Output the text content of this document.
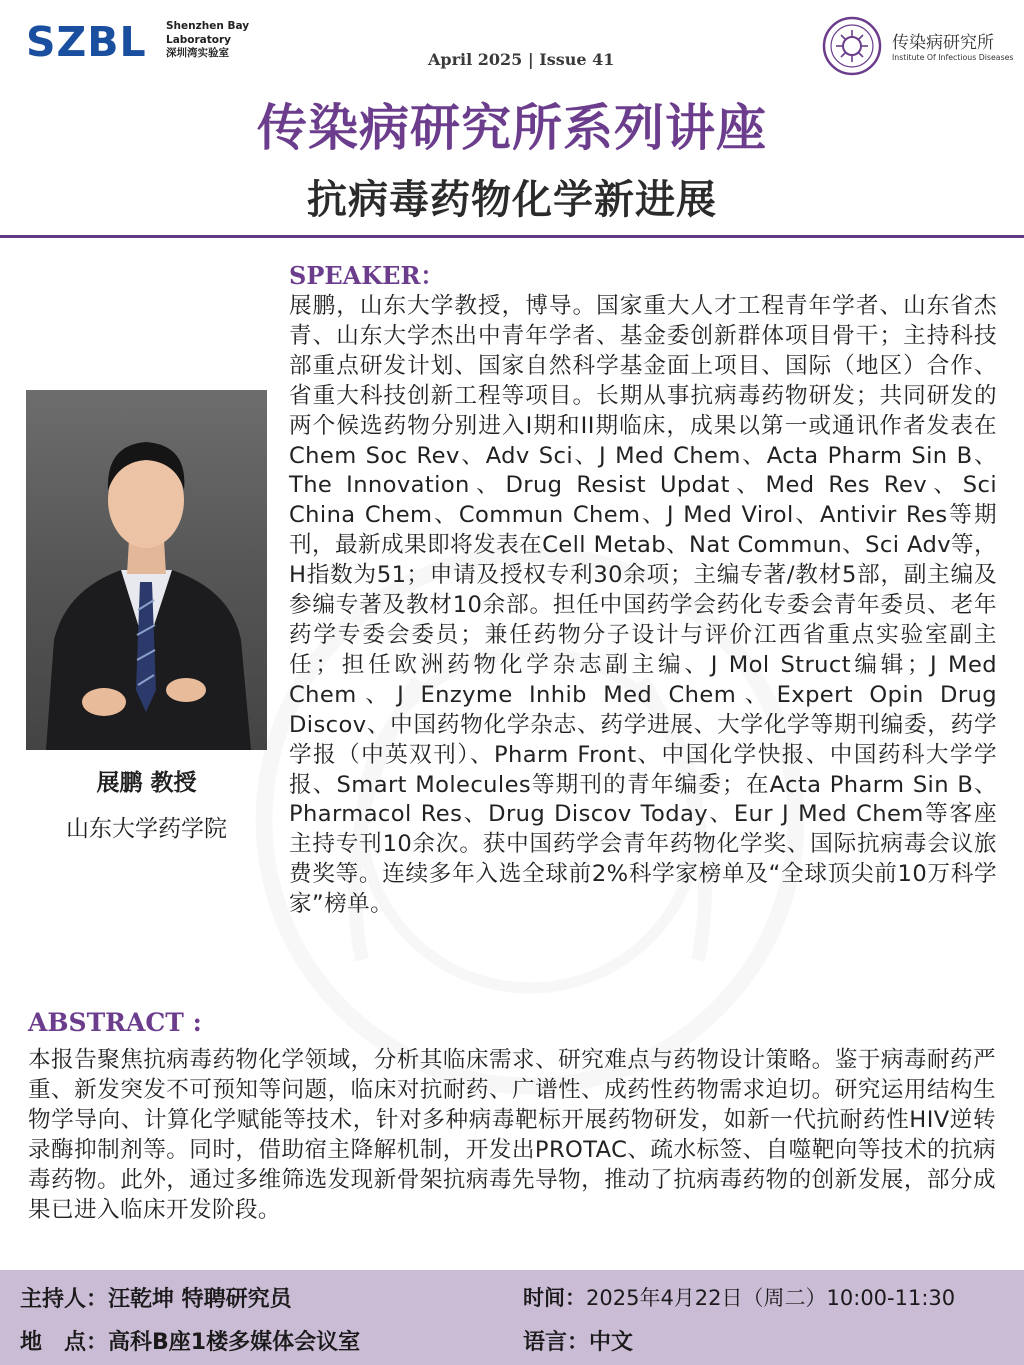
SZBL Shenzhen Bay
Laboratory
深圳湾实验室	April 2025 | Issue 41
传染病研究所
Institute Of Infectious Diseases
传染病研究所系列讲座
抗病毒药物化学新进展
展鹏 教授
山东大学药学院
SPEAKER：
展鹏，山东大学教授，博导。国家重大人才工程青年学者、山东省杰青、山东大学杰出中青年学者、基金委创新群体项目骨干；主持科技部重点研发计划、国家自然科学基金面上项目、国际（地区）合作、省重大科技创新工程等项目。长期从事抗病毒药物研发；共同研发的两个候选药物分别进入I期和II期临床，成果以第一或通讯作者发表在Chem Soc Rev、Adv Sci、J Med Chem、Acta Pharm Sin B、The Innovation、Drug Resist Updat、Med Res Rev、Sci China Chem、Commun Chem、J Med Virol、Antivir Res等期刊，最新成果即将发表在Cell Metab、Nat Commun、Sci Adv等，H指数为51；申请及授权专利30余项；主编专著/教材5部，副主编及参编专著及教材10余部。担任中国药学会药化专委会青年委员、老年药学专委会委员；兼任药物分子设计与评价江西省重点实验室副主任；担任欧洲药物化学杂志副主编、J Mol Struct编辑；J Med Chem、J Enzyme Inhib Med Chem、Expert Opin Drug Discov、中国药物化学杂志、药学进展、大学化学等期刊编委，药学学报（中英双刊）、Pharm Front、中国化学快报、中国药科大学学报、Smart Molecules等期刊的青年编委；在Acta Pharm Sin B、Pharmacol Res、Drug Discov Today、Eur J Med Chem等客座主持专刊10余次。获中国药学会青年药物化学奖、国际抗病毒会议旅费奖等。连续多年入选全球前2%科学家榜单及“全球顶尖前10万科学家”榜单。
ABSTRACT :
本报告聚焦抗病毒药物化学领域，分析其临床需求、研究难点与药物设计策略。鉴于病毒耐药严重、新发突发不可预知等问题，临床对抗耐药、广谱性、成药性药物需求迫切。研究运用结构生物学导向、计算化学赋能等技术，针对多种病毒靶标开展药物研发，如新一代抗耐药性HIV逆转录酶抑制剂等。同时，借助宿主降解机制，开发出PROTAC、疏水标签、自噬靶向等技术的抗病毒药物。此外，通过多维筛选发现新骨架抗病毒先导物，推动了抗病毒药物的创新发展，部分成果已进入临床开发阶段。
主持人：汪乾坤 特聘研究员
地　点：高科B座1楼多媒体会议室
时间：2025年4月22日（周二）10:00-11:30
语言：中文
